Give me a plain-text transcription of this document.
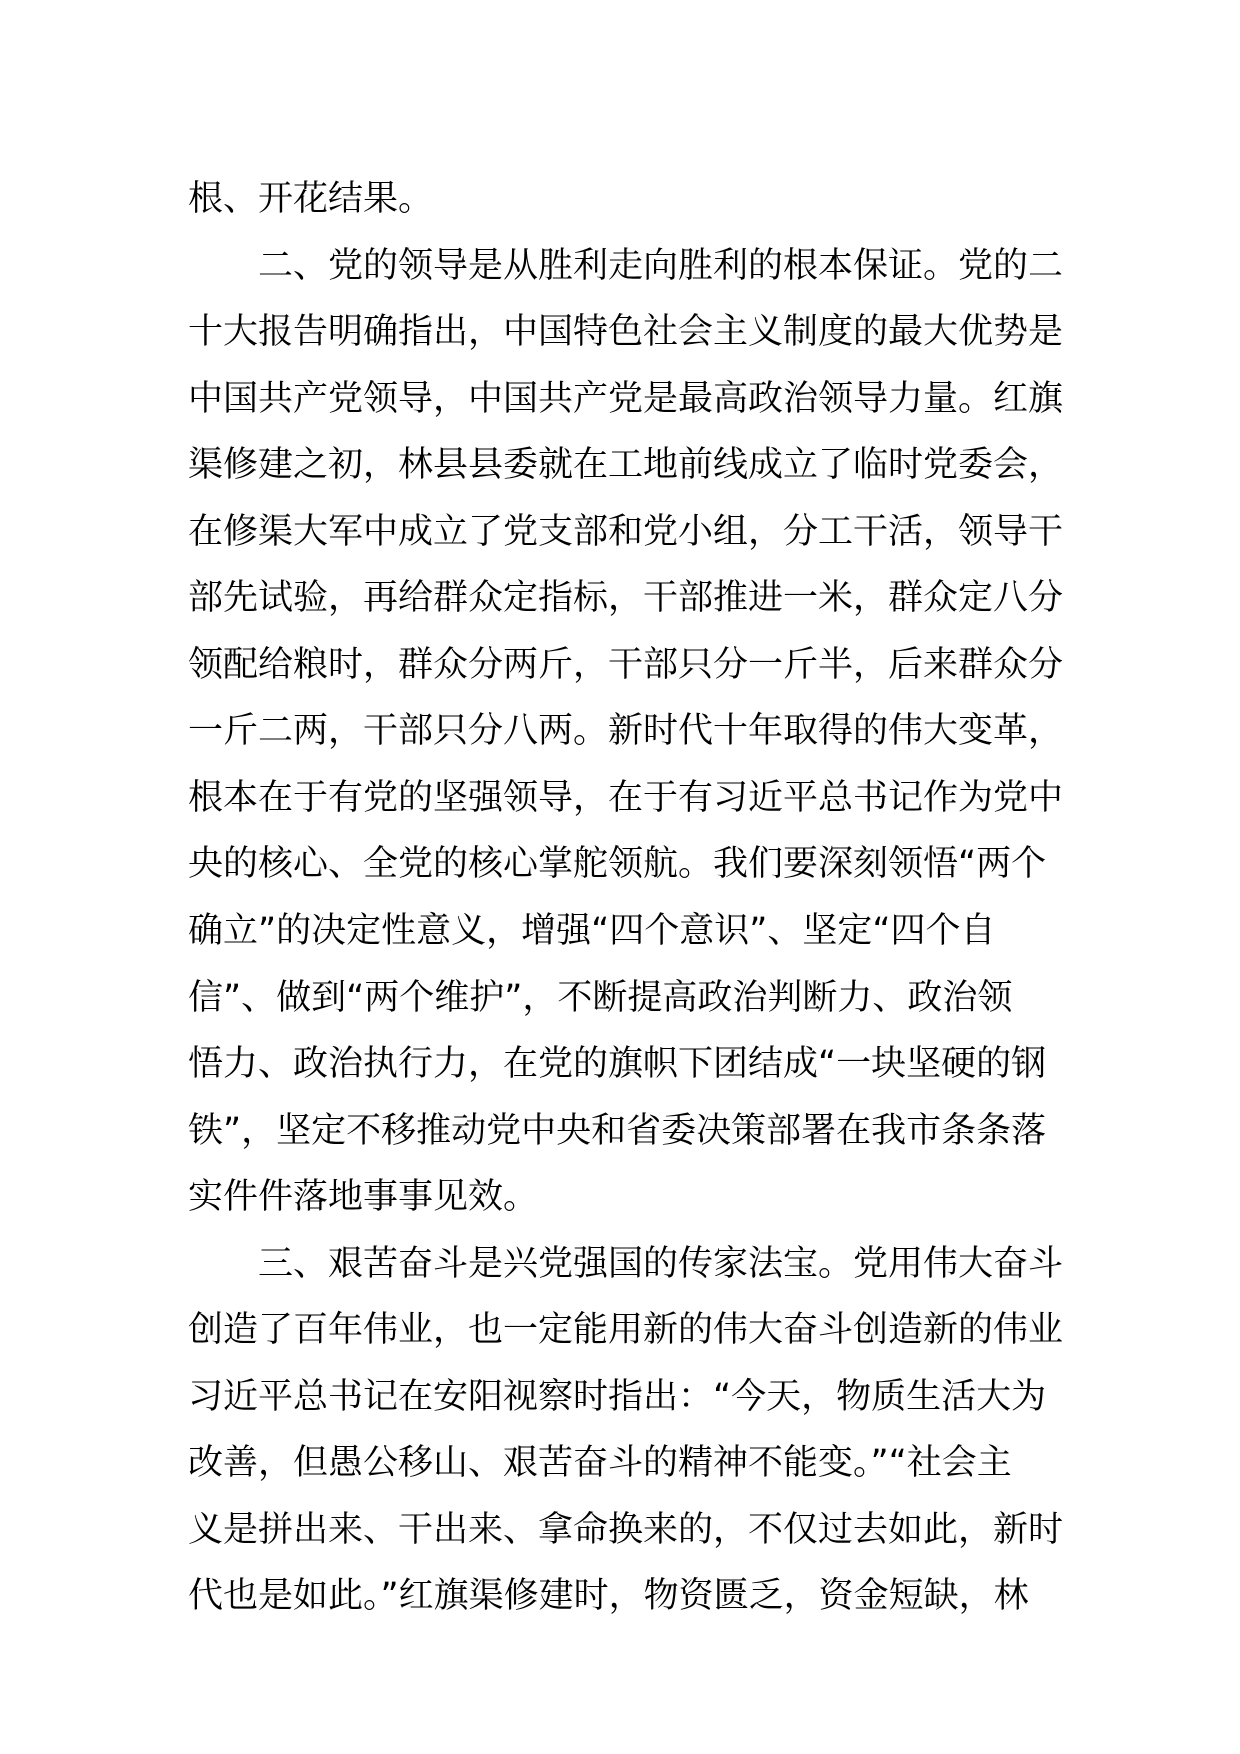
根、开花结果。
　　二、党的领导是从胜利走向胜利的根本保证。党的二
十大报告明确指出，中国特色社会主义制度的最大优势是
中国共产党领导，中国共产党是最高政治领导力量。红旗
渠修建之初，林县县委就在工地前线成立了临时党委会，
在修渠大军中成立了党支部和党小组，分工干活，领导干
部先试验，再给群众定指标，干部推进一米，群众定八分
领配给粮时，群众分两斤，干部只分一斤半，后来群众分
一斤二两，干部只分八两。新时代十年取得的伟大变革，
根本在于有党的坚强领导，在于有习近平总书记作为党中
央的核心、全党的核心掌舵领航。我们要深刻领悟“两个
确立”的决定性意义，增强“四个意识”、坚定“四个自
信”、做到“两个维护”，不断提高政治判断力、政治领
悟力、政治执行力，在党的旗帜下团结成“一块坚硬的钢
铁”，坚定不移推动党中央和省委决策部署在我市条条落
实件件落地事事见效。
　　三、艰苦奋斗是兴党强国的传家法宝。党用伟大奋斗
创造了百年伟业，也一定能用新的伟大奋斗创造新的伟业
习近平总书记在安阳视察时指出：“今天，物质生活大为
改善，但愚公移山、艰苦奋斗的精神不能变。”“社会主
义是拼出来、干出来、拿命换来的，不仅过去如此，新时
代也是如此。”红旗渠修建时，物资匮乏，资金短缺，林
